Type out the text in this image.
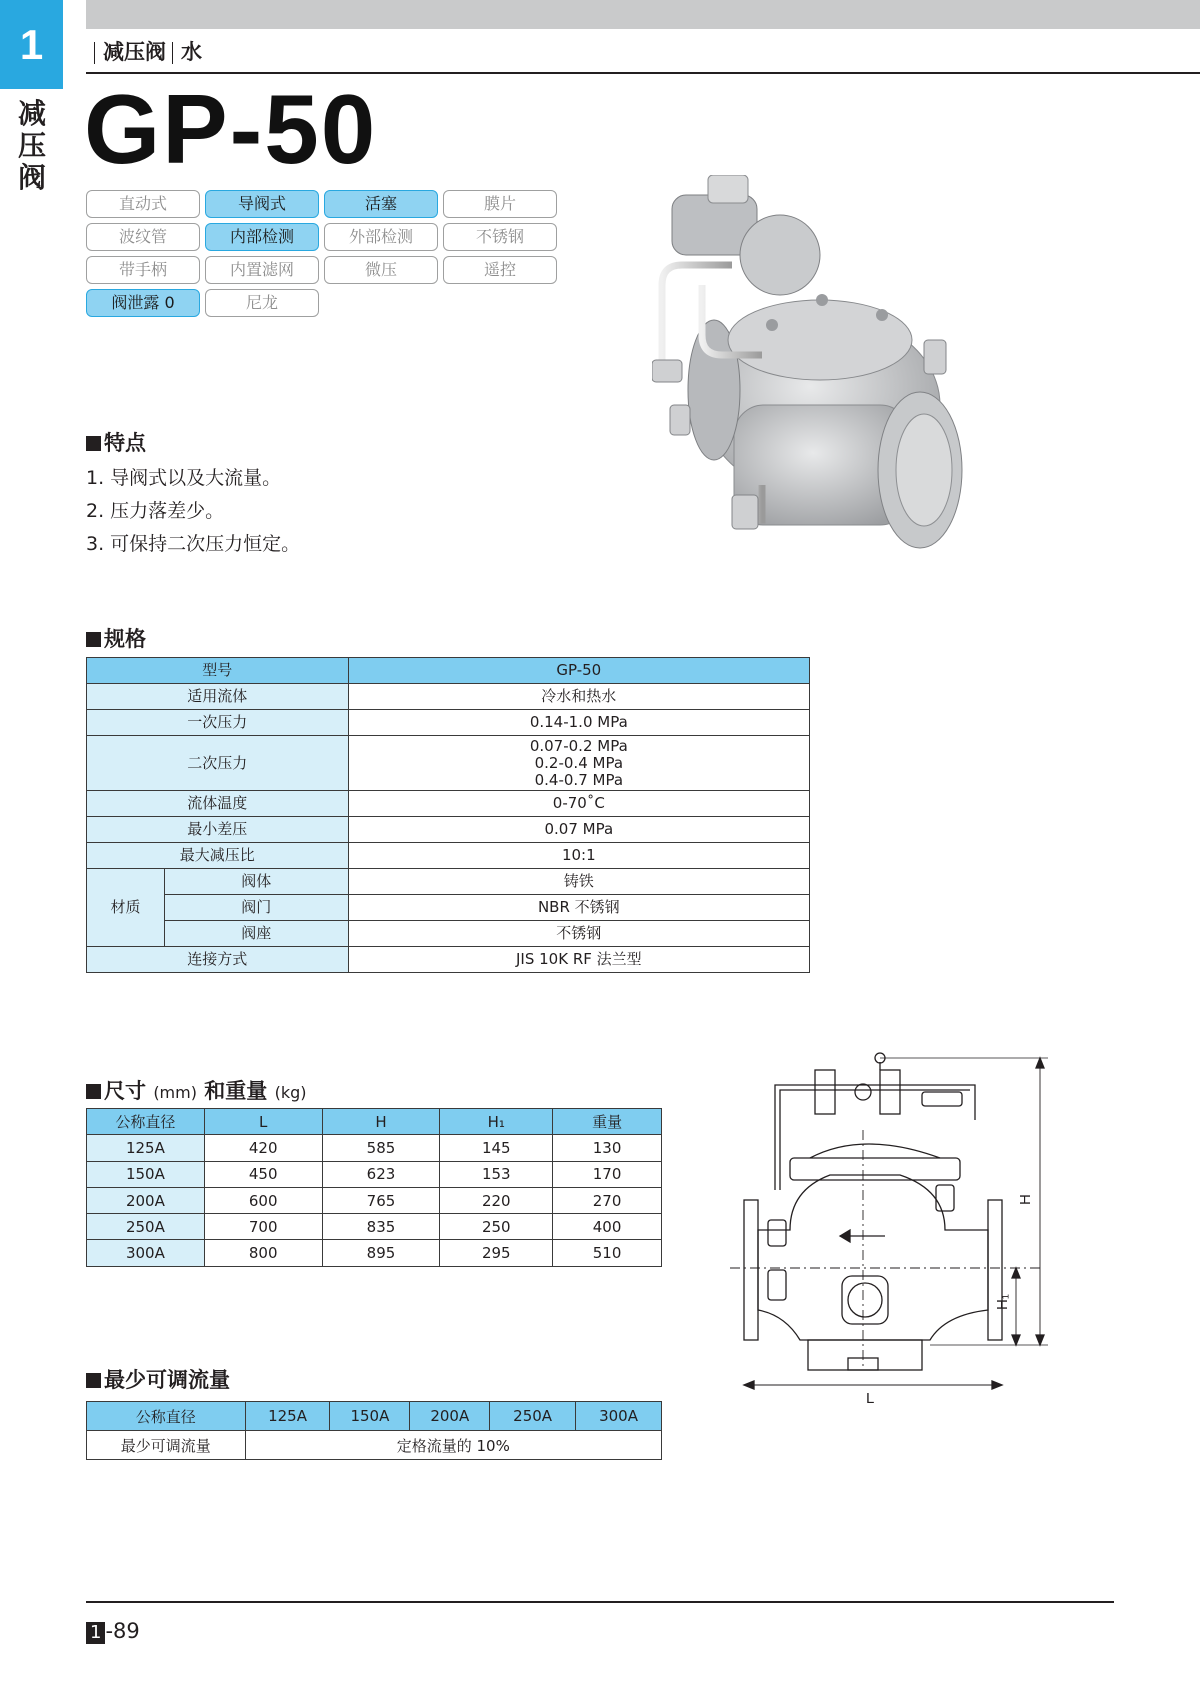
1
减压阀
减压阀 水
GP-50
直动式	导阀式	活塞	膜片
波纹管	内部检测	外部检测	不锈钢
带手柄	内置滤网	微压	遥控
阀泄露 0	尼龙
特点
1. 导阀式以及大流量。
2. 压力落差少。
3. 可保持二次压力恒定。
规格
型号		GP-50
适用流体		冷水和热水
一次压力		0.14-1.0 MPa
二次压力		0.07-0.2 MPa
0.2-0.4 MPa
0.4-0.7 MPa

流体温度		0-70˚C
最小差压		0.07 MPa
最大减压比		10:1
材质	阀体	铸铁
	阀门	NBR 不锈钢
	阀座	不锈钢
连接方式		JIS 10K RF 法兰型
尺寸 (mm) 和重量 (kg)
公称直径	L	H	H₁	重量
125A	420	585	145	130
150A	450	623	153	170
200A	600	765	220	270
250A	700	835	250	400
300A	800	895	295	510
最少可调流量
公称直径	125A	150A	200A	250A	300A
最少可调流量	定格流量的 10%				
L
H
H₁
1 -89
